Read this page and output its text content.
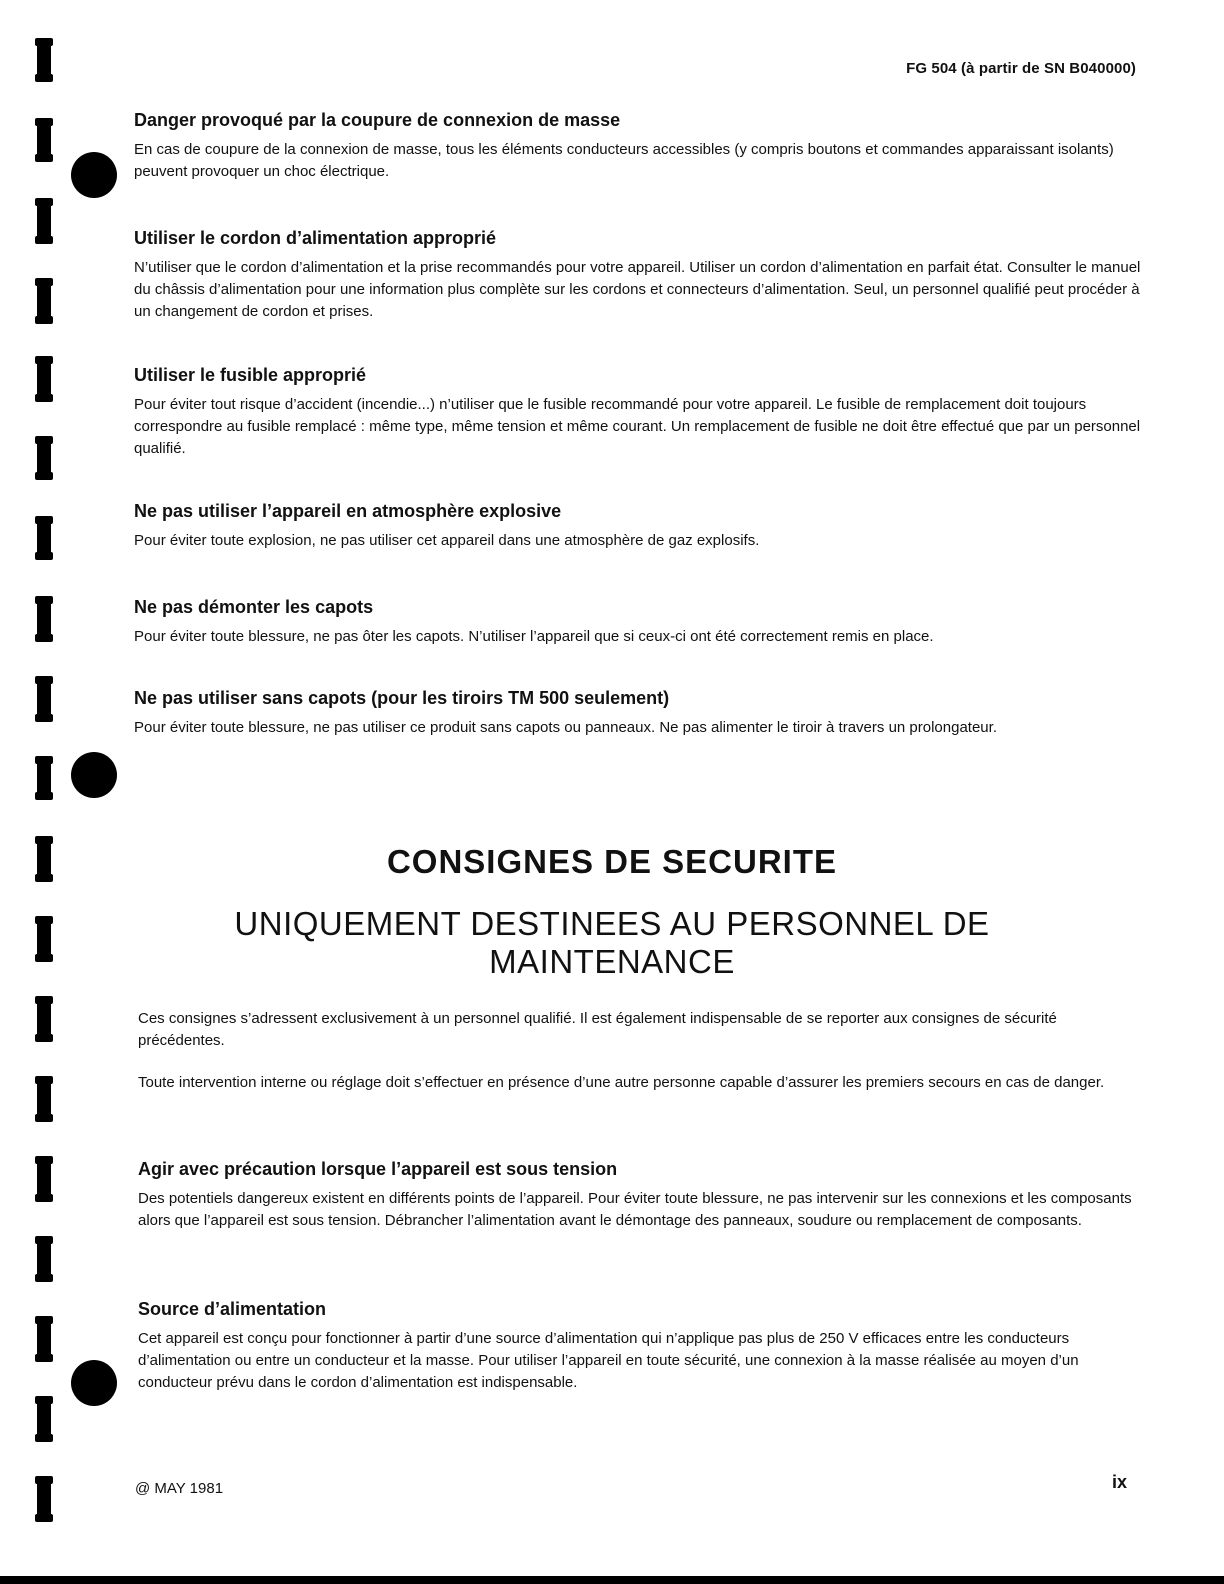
FG 504 (à partir de SN B040000)
Danger provoqué par la coupure de connexion de masse

En cas de coupure de la connexion de masse, tous les éléments conducteurs accessibles (y compris boutons et commandes apparaissant isolants) peuvent provoquer un choc électrique.

Utiliser le cordon d’alimentation approprié

N’utiliser que le cordon d’alimentation et la prise recommandés pour votre appareil. Utiliser un cordon d’alimentation en parfait état. Consulter le manuel du châssis d’alimentation pour une information plus complète sur les cordons et connecteurs d’alimentation. Seul, un personnel qualifié peut procéder à un changement de cordon et prises.

Utiliser le fusible approprié

Pour éviter tout risque d’accident (incendie...) n’utiliser que le fusible recommandé pour votre appareil. Le fusible de remplacement doit toujours correspondre au fusible remplacé : même type, même tension et même courant. Un remplacement de fusible ne doit être effectué que par un personnel qualifié.

Ne pas utiliser l’appareil en atmosphère explosive

Pour éviter toute explosion, ne pas utiliser cet appareil dans une atmosphère de gaz explosifs.

Ne pas démonter les capots

Pour éviter toute blessure, ne pas ôter les capots. N’utiliser l’appareil que si ceux-ci ont été correctement remis en place.

Ne pas utiliser sans capots (pour les tiroirs TM 500 seulement)

Pour éviter toute blessure, ne pas utiliser ce produit sans capots ou panneaux. Ne pas alimenter le tiroir à travers un prolongateur.

CONSIGNES DE SECURITE
UNIQUEMENT DESTINEES AU PERSONNEL DE MAINTENANCE

Ces consignes s’adressent exclusivement à un personnel qualifié. Il est également indispensable de se reporter aux consignes de sécurité précédentes.

Toute intervention interne ou réglage doit s’effectuer en présence d’une autre personne capable d’assurer les premiers secours en cas de danger.

Agir avec précaution lorsque l’appareil est sous tension

Des potentiels dangereux existent en différents points de l’appareil. Pour éviter toute blessure, ne pas intervenir sur les connexions et les composants alors que l’appareil est sous tension. Débrancher l’alimentation avant le démontage des panneaux, soudure ou remplacement de composants.

Source d’alimentation

Cet appareil est conçu pour fonctionner à partir d’une source d’alimentation qui n’applique pas plus de 250 V efficaces entre les conducteurs d’alimentation ou entre un conducteur et la masse. Pour utiliser l’appareil en toute sécurité, une connexion à la masse réalisée au moyen d’un conducteur prévu dans le cordon d’alimentation est indispensable.

@ MAY 1981	ix
